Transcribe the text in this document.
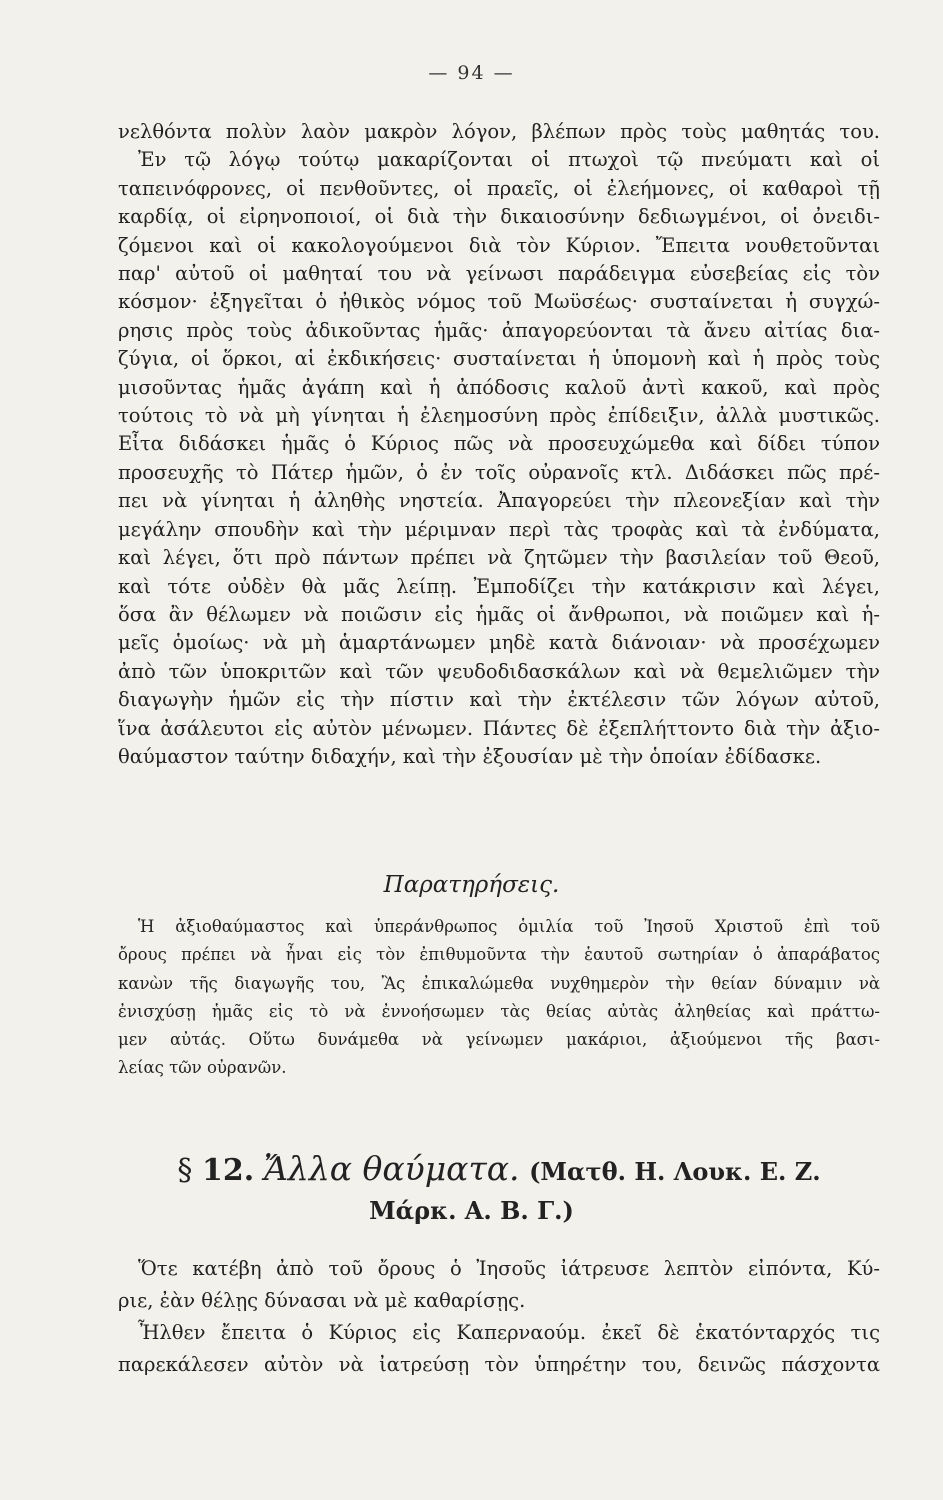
— 94 —
νελθόντα πολὺν λαὸν μακρὸν λόγον, βλέπων πρὸς τοὺς μαθητάς του.
Ἐν τῷ λόγῳ τούτῳ μακαρίζονται οἱ πτωχοὶ τῷ πνεύματι καὶ οἱ
ταπεινόφρονες, οἱ πενθοῦντες, οἱ πραεῖς, οἱ ἐλεήμονες, οἱ καθαροὶ τῇ
καρδίᾳ, οἱ εἰρηνοποιοί, οἱ διὰ τὴν δικαιοσύνην δεδιωγμένοι, οἱ ὀνειδι-
ζόμενοι καὶ οἱ κακολογούμενοι διὰ τὸν Κύριον. Ἔπειτα νουθετοῦνται
παρ' αὐτοῦ οἱ μαθηταί του νὰ γείνωσι παράδειγμα εὐσεβείας εἰς τὸν
κόσμον· ἐξηγεῖται ὁ ἠθικὸς νόμος τοῦ Μωϋσέως· συσταίνεται ἡ συγχώ-
ρησις πρὸς τοὺς ἀδικοῦντας ἡμᾶς· ἀπαγορεύονται τὰ ἄνευ αἰτίας δια-
ζύγια, οἱ ὅρκοι, αἱ ἐκδικήσεις· συσταίνεται ἡ ὑπομονὴ καὶ ἡ πρὸς τοὺς
μισοῦντας ἡμᾶς ἀγάπη καὶ ἡ ἀπόδοσις καλοῦ ἀντὶ κακοῦ, καὶ πρὸς
τούτοις τὸ νὰ μὴ γίνηται ἡ ἐλεημοσύνη πρὸς ἐπίδειξιν, ἀλλὰ μυστικῶς.
Εἶτα διδάσκει ἡμᾶς ὁ Κύριος πῶς νὰ προσευχώμεθα καὶ δίδει τύπον
προσευχῆς τὸ Πάτερ ἡμῶν, ὁ ἐν τοῖς οὐρανοῖς κτλ. Διδάσκει πῶς πρέ-
πει νὰ γίνηται ἡ ἀληθὴς νηστεία. Ἀπαγορεύει τὴν πλεονεξίαν καὶ τὴν
μεγάλην σπουδὴν καὶ τὴν μέριμναν περὶ τὰς τροφὰς καὶ τὰ ἐνδύματα,
καὶ λέγει, ὅτι πρὸ πάντων πρέπει νὰ ζητῶμεν τὴν βασιλείαν τοῦ Θεοῦ,
καὶ τότε οὐδὲν θὰ μᾶς λείπῃ. Ἐμποδίζει τὴν κατάκρισιν καὶ λέγει,
ὅσα ἂν θέλωμεν νὰ ποιῶσιν εἰς ἡμᾶς οἱ ἄνθρωποι, νὰ ποιῶμεν καὶ ἡ-
μεῖς ὁμοίως· νὰ μὴ ἁμαρτάνωμεν μηδὲ κατὰ διάνοιαν· νὰ προσέχωμεν
ἀπὸ τῶν ὑποκριτῶν καὶ τῶν ψευδοδιδασκάλων καὶ νὰ θεμελιῶμεν τὴν
διαγωγὴν ἡμῶν εἰς τὴν πίστιν καὶ τὴν ἐκτέλεσιν τῶν λόγων αὐτοῦ,
ἵνα ἀσάλευτοι εἰς αὐτὸν μένωμεν. Πάντες δὲ ἐξεπλήττοντο διὰ τὴν ἀξιο-
θαύμαστον ταύτην διδαχήν, καὶ τὴν ἐξουσίαν μὲ τὴν ὁποίαν ἐδίδασκε.
Παρατηρήσεις.
Ἡ ἀξιοθαύμαστος καὶ ὑπεράνθρωπος ὁμιλία τοῦ Ἰησοῦ Χριστοῦ ἐπὶ τοῦ
ὄρους πρέπει νὰ ἦναι εἰς τὸν ἐπιθυμοῦντα τὴν ἑαυτοῦ σωτηρίαν ὁ ἀπαράβατος
κανὼν τῆς διαγωγῆς του, Ἂς ἐπικαλώμεθα νυχθημερὸν τὴν θείαν δύναμιν νὰ
ἐνισχύσῃ ἡμᾶς εἰς τὸ νὰ ἐννοήσωμεν τὰς θείας αὐτὰς ἀληθείας καὶ πράττω-
μεν αὐτάς. Οὕτω δυνάμεθα νὰ γείνωμεν μακάριοι, ἀξιούμενοι τῆς βασι-
λείας τῶν οὐρανῶν.
§ 12. Ἄλλα θαύματα. (Ματθ. Η. Λουκ. Ε. Ζ.
Μάρκ. Α. Β. Γ.)
Ὅτε κατέβη ἀπὸ τοῦ ὄρους ὁ Ἰησοῦς ἰάτρευσε λεπτὸν εἰπόντα, Κύ-
ριε, ἐὰν θέλῃς δύνασαι νὰ μὲ καθαρίσῃς.
Ἦλθεν ἔπειτα ὁ Κύριος εἰς Καπερναούμ. ἐκεῖ δὲ ἑκατόνταρχός τις
παρεκάλεσεν αὐτὸν νὰ ἰατρεύσῃ τὸν ὑπηρέτην του, δεινῶς πάσχοντα
